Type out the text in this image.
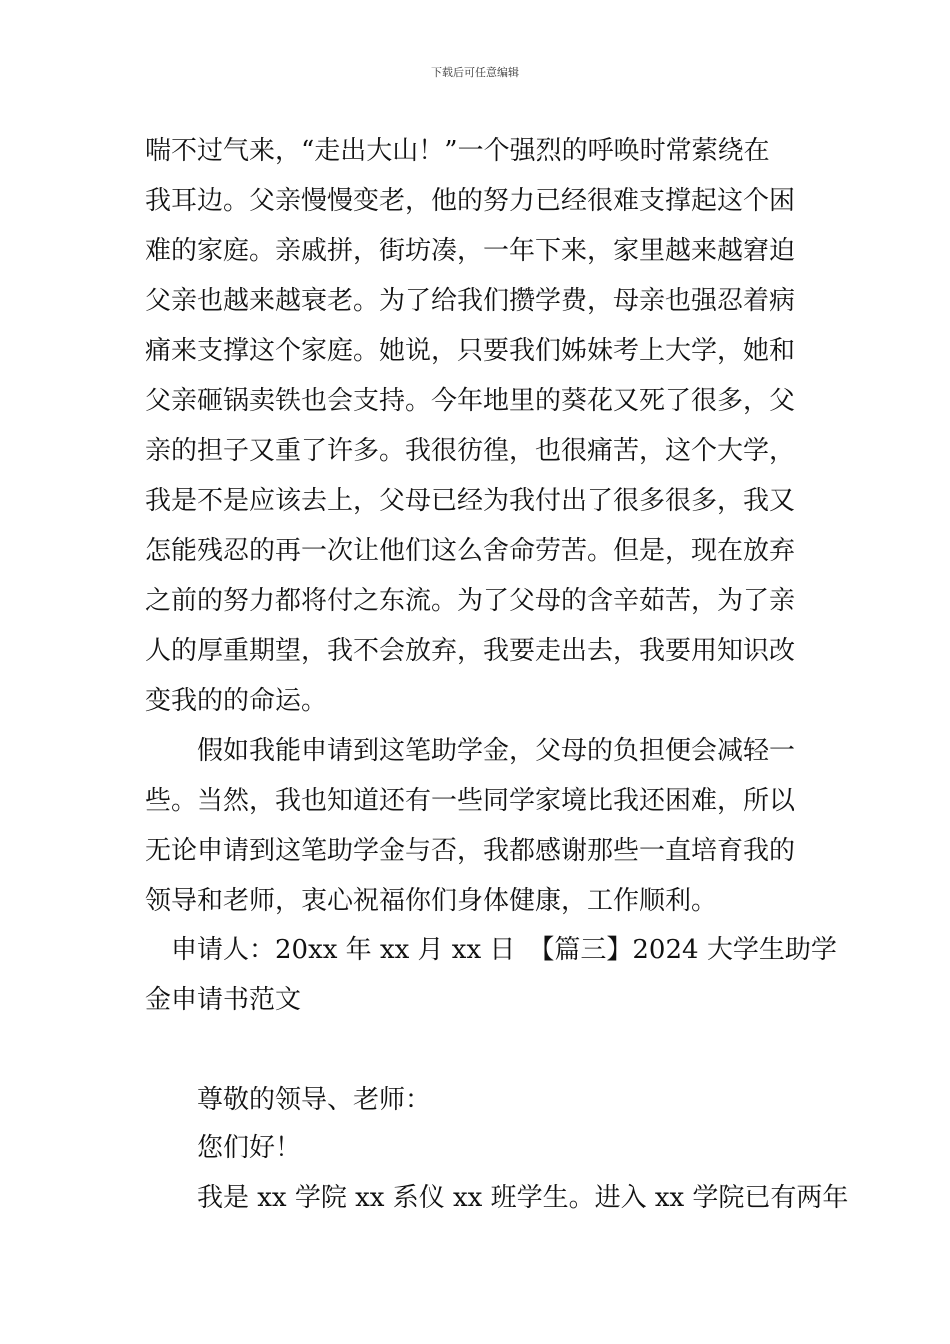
下载后可任意编辑
喘不过气来，“走出大山！”一个强烈的呼唤时常萦绕在
我耳边。父亲慢慢变老，他的努力已经很难支撑起这个困
难的家庭。亲戚拼，街坊凑，一年下来，家里越来越窘迫
父亲也越来越衰老。为了给我们攒学费，母亲也强忍着病
痛来支撑这个家庭。她说，只要我们姊妹考上大学，她和
父亲砸锅卖铁也会支持。今年地里的葵花又死了很多，父
亲的担子又重了许多。我很彷徨，也很痛苦，这个大学，
我是不是应该去上，父母已经为我付出了很多很多，我又
怎能残忍的再一次让他们这么舍命劳苦。但是，现在放弃
之前的努力都将付之东流。为了父母的含辛茹苦，为了亲
人的厚重期望，我不会放弃，我要走出去，我要用知识改
变我的的命运。
假如我能申请到这笔助学金，父母的负担便会减轻一
些。当然，我也知道还有一些同学家境比我还困难，所以
无论申请到这笔助学金与否，我都感谢那些一直培育我的
领导和老师，衷心祝福你们身体健康，工作顺利。
申请人：20xx 年 xx 月 xx 日　【篇三】2024 大学生助学
金申请书范文
尊敬的领导、老师：
您们好！
我是 xx 学院 xx 系仪 xx 班学生。进入 xx 学院已有两年
